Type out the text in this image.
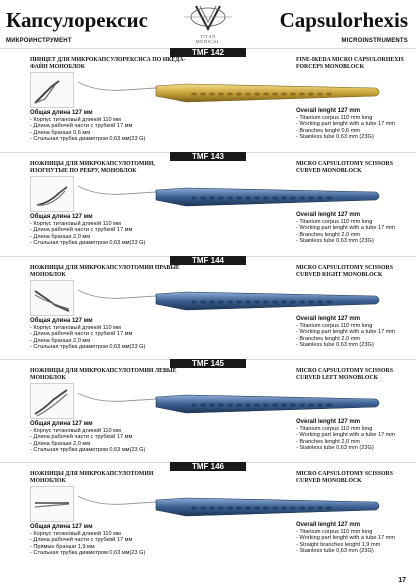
Капсулорексис	Capsulorhexis
МИКРОИНСТРУМЕНТ	MICROINSTRUMENTS
TITAN
MEDICAL
TMF 142
ПИНЦЕТ ДЛЯ МИКРОКАПСУЛОРЕКСИСА ПО ИКЕДА-ФАЙН МОНОБЛОК
FINE-IKEDA MICRO CAPSULORHEXIS FORCEPS MONOBLOCK
Общая длина 127 мм
- Корпус титановый длиной 110 мм
- Длина рабочей части с трубкой 17 мм
- Длина бранши 0,6 мм
- Стальная трубка диаметром 0,63 мм(23 G)
Overall lenght 127 mm
- Titanium corpus 110 mm long
- Working part lenght with a tube 17 mm
- Branches lenght 0,6 mm
- Stainless tube 0,63 mm (23G)
TMF 143
НОЖНИЦЫ ДЛЯ МИКРОКАПСУЛОТОМИИ, ИЗОГНУТЫЕ ПО РЕБРУ, МОНОБЛОК
MICRO CAPSULOTOMY SCISSORS CURVED MONOBLOCK
Общая длина 127 мм
- Корпус титановый длиной 110 мм
- Длина рабочей части с трубкой 17 мм
- Длина бранши 2,0 мм
- Стальная трубка диаметром 0,63 мм(23 G)
Overall lenght 127 mm
- Titanium corpus 110 mm long
- Working part lenght with a tube 17 mm
- Branches lenght 2,0 mm
- Stainless tube 0,63 mm (23G)
TMF 144
НОЖНИЦЫ ДЛЯ МИКРОКАПСУЛОТОМИИ ПРАВЫЕ МОНОБЛОК
MICRO CAPSULOTOMY SCISSORS CURVED RIGHT MONOBLOCK
Общая длина 127 мм
- Корпус титановый длиной 110 мм
- Длина рабочей части с трубкой 17 мм
- Длина бранши 2,0 мм
- Стальная трубка диаметром 0,63 мм(23 G)
Overall lenght 127 mm
- Titanium corpus 110 mm long
- Working part lenght with a tube 17 mm
- Branches lenght 2,0 mm
- Stainless tube 0,63 mm (23G)
TMF 145
НОЖНИЦЫ ДЛЯ МИКРОКАПСУЛОТОМИИ ЛЕВЫЕ МОНОБЛОК
MICRO CAPSULOTOMY SCISSORS CURVED LEFT MONOBLOCK
Общая длина 127 мм
- Корпус титановый длиной 110 мм
- Длина рабочей части с трубкой 17 мм
- Длина бранши 2,0 мм
- Стальная трубка диаметром 0,63 мм(23 G)
Overall lenght 127 mm
- Titanium corpus 110 mm long
- Working part lenght with a tube 17 mm
- Branches lenght 2,0 mm
- Stainless tube 0,63 mm (23G)
TMF 146
НОЖНИЦЫ ДЛЯ МИКРОКАПСУЛОТОМИИ МОНОБЛОК
MICRO CAPSULOTOMY SCISSORS CURVED MONOBLOCK
Общая длина 127 мм
- Корпус титановый длиной 110 мм
- Длина рабочей части с трубкой 17 мм
- Прямые бранши 1,9 мм
- Стальная трубка диаметром 0,63 мм(23 G)
Overall lenght 127 mm
- Titanium corpus 110 mm long
- Working part lenght with a tube 17 mm
- Straight branches lenght 1,9 mm
- Stainless tube 0,63 mm (23G)
17
